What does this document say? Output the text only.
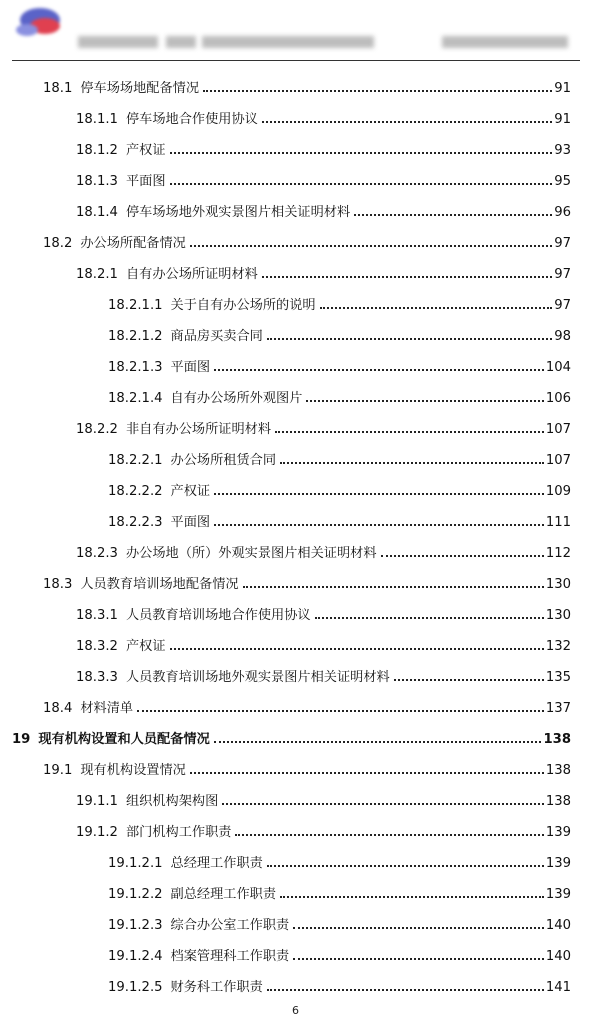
18.1 停车场场地配备情况	91
18.1.1 停车场地合作使用协议	91
18.1.2 产权证	93
18.1.3 平面图	95
18.1.4 停车场场地外观实景图片相关证明材料	96
18.2 办公场所配备情况	97
18.2.1 自有办公场所证明材料	97
18.2.1.1 关于自有办公场所的说明	97
18.2.1.2 商品房买卖合同	98
18.2.1.3 平面图	104
18.2.1.4 自有办公场所外观图片	106
18.2.2 非自有办公场所证明材料	107
18.2.2.1 办公场所租赁合同	107
18.2.2.2 产权证	109
18.2.2.3 平面图	111
18.2.3 办公场地（所）外观实景图片相关证明材料	112
18.3 人员教育培训场地配备情况	130
18.3.1 人员教育培训场地合作使用协议	130
18.3.2 产权证	132
18.3.3 人员教育培训场地外观实景图片相关证明材料	135
18.4 材料清单	137
19 现有机构设置和人员配备情况	138
19.1 现有机构设置情况	138
19.1.1 组织机构架构图	138
19.1.2 部门机构工作职责	139
19.1.2.1 总经理工作职责	139
19.1.2.2 副总经理工作职责	139
19.1.2.3 综合办公室工作职责	140
19.1.2.4 档案管理科工作职责	140
19.1.2.5 财务科工作职责	141
6
